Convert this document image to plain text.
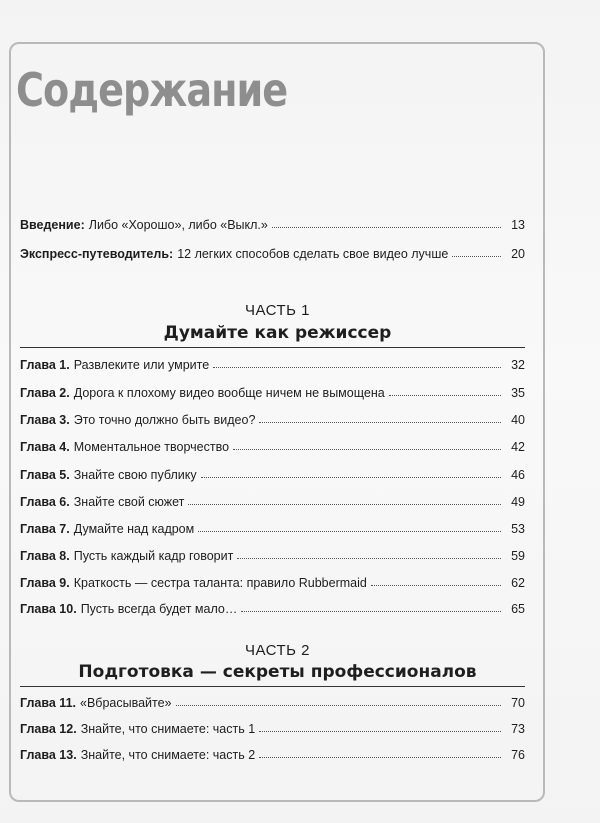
Содержание
Введение: Либо «Хорошо», либо «Выкл.»	13
Экспресс-путеводитель: 12 легких способов сделать свое видео лучше	20
ЧАСТЬ 1
Думайте как режиссер
Глава 1. Развлеките или умрите	32
Глава 2. Дорога к плохому видео вообще ничем не вымощена	35
Глава 3. Это точно должно быть видео?	40
Глава 4. Моментальное творчество	42
Глава 5. Знайте свою публику	46
Глава 6. Знайте свой сюжет	49
Глава 7. Думайте над кадром	53
Глава 8. Пусть каждый кадр говорит	59
Глава 9. Краткость — сестра таланта: правило Rubbermaid	62
Глава 10. Пусть всегда будет мало…	65
ЧАСТЬ 2
Подготовка — секреты профессионалов
Глава 11. «Вбрасывайте»	70
Глава 12. Знайте, что снимаете: часть 1	73
Глава 13. Знайте, что снимаете: часть 2	76
